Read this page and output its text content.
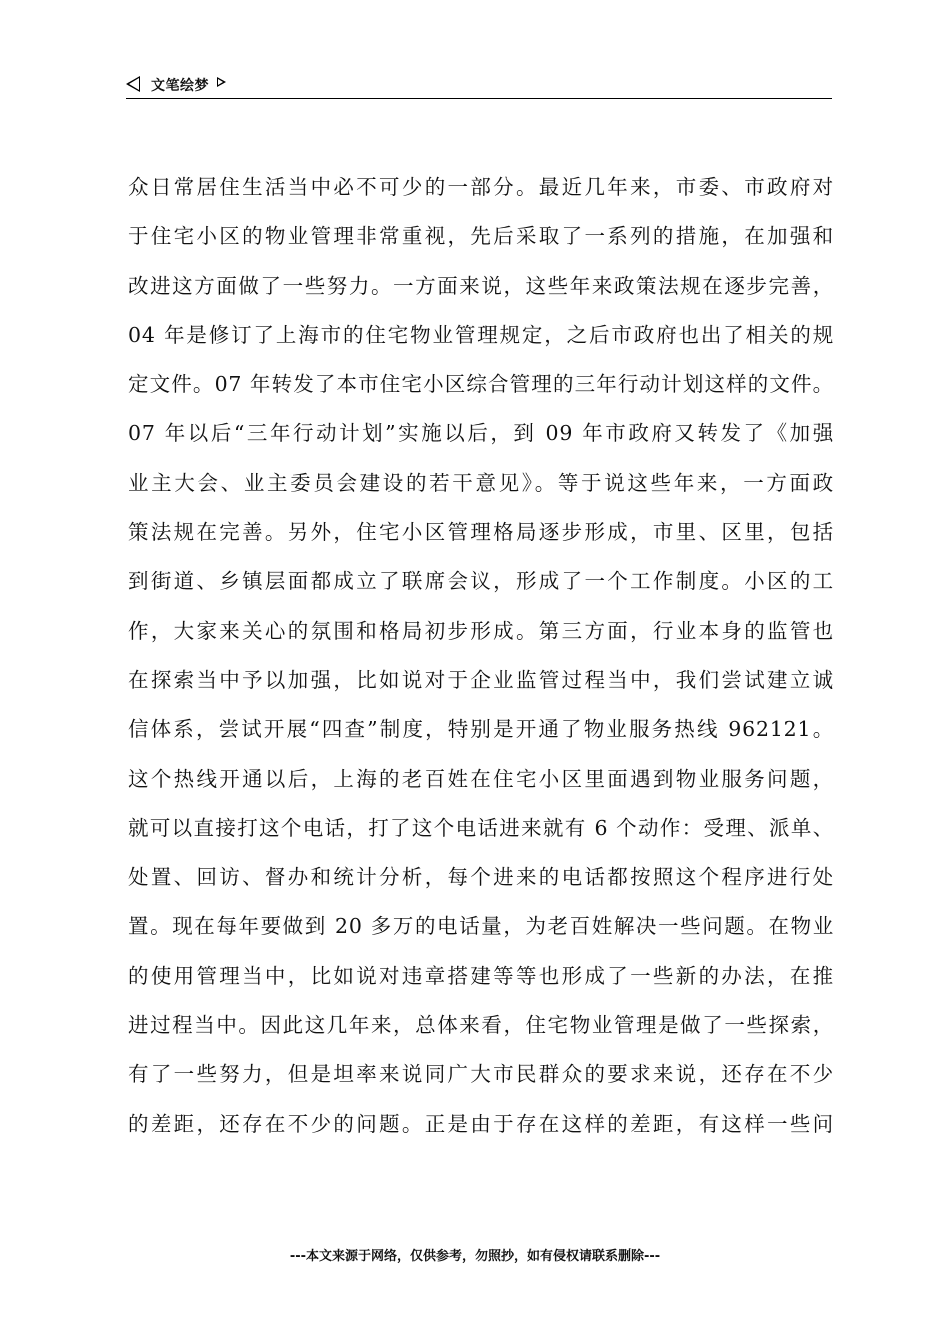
文笔绘梦
众日常居住生活当中必不可少的一部分。最近几年来，市委、市政府对
于住宅小区的物业管理非常重视，先后采取了一系列的措施，在加强和
改进这方面做了一些努力。一方面来说，这些年来政策法规在逐步完善，
04 年是修订了上海市的住宅物业管理规定，之后市政府也出了相关的规
定文件。07 年转发了本市住宅小区综合管理的三年行动计划这样的文件。
07 年以后“三年行动计划”实施以后，到 09 年市政府又转发了《加强
业主大会、业主委员会建设的若干意见》。等于说这些年来，一方面政
策法规在完善。另外，住宅小区管理格局逐步形成，市里、区里，包括
到街道、乡镇层面都成立了联席会议，形成了一个工作制度。小区的工
作，大家来关心的氛围和格局初步形成。第三方面，行业本身的监管也
在探索当中予以加强，比如说对于企业监管过程当中，我们尝试建立诚
信体系，尝试开展“四查”制度，特别是开通了物业服务热线 962121。
这个热线开通以后，上海的老百姓在住宅小区里面遇到物业服务问题，
就可以直接打这个电话，打了这个电话进来就有 6 个动作：受理、派单、
处置、回访、督办和统计分析，每个进来的电话都按照这个程序进行处
置。现在每年要做到 20 多万的电话量，为老百姓解决一些问题。在物业
的使用管理当中，比如说对违章搭建等等也形成了一些新的办法，在推
进过程当中。因此这几年来，总体来看，住宅物业管理是做了一些探索，
有了一些努力，但是坦率来说同广大市民群众的要求来说，还存在不少
的差距，还存在不少的问题。正是由于存在这样的差距，有这样一些问
---本文来源于网络，仅供参考，勿照抄，如有侵权请联系删除---
